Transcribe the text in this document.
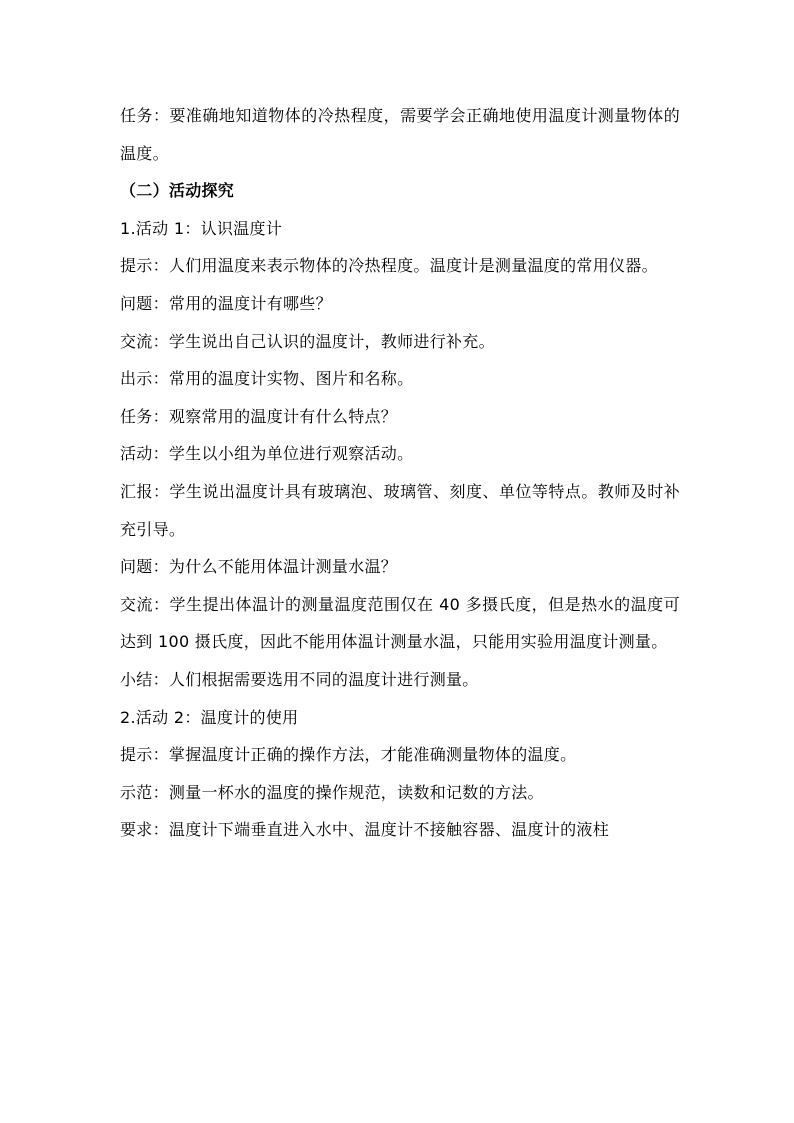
任务：要准确地知道物体的冷热程度，需要学会正确地使用温度计测量物体的温度。

（二）活动探究

1.活动 1：认识温度计

提示：人们用温度来表示物体的冷热程度。温度计是测量温度的常用仪器。

问题：常用的温度计有哪些？

交流：学生说出自己认识的温度计，教师进行补充。

出示：常用的温度计实物、图片和名称。

任务：观察常用的温度计有什么特点？

活动：学生以小组为单位进行观察活动。

汇报：学生说出温度计具有玻璃泡、玻璃管、刻度、单位等特点。教师及时补充引导。

问题：为什么不能用体温计测量水温？

交流：学生提出体温计的测量温度范围仅在 40 多摄氏度，但是热水的温度可达到 100 摄氏度，因此不能用体温计测量水温，只能用实验用温度计测量。

小结：人们根据需要选用不同的温度计进行测量。

2.活动 2：温度计的使用

提示：掌握温度计正确的操作方法，才能准确测量物体的温度。

示范：测量一杯水的温度的操作规范，读数和记数的方法。

要求：温度计下端垂直进入水中、温度计不接触容器、温度计的液柱
